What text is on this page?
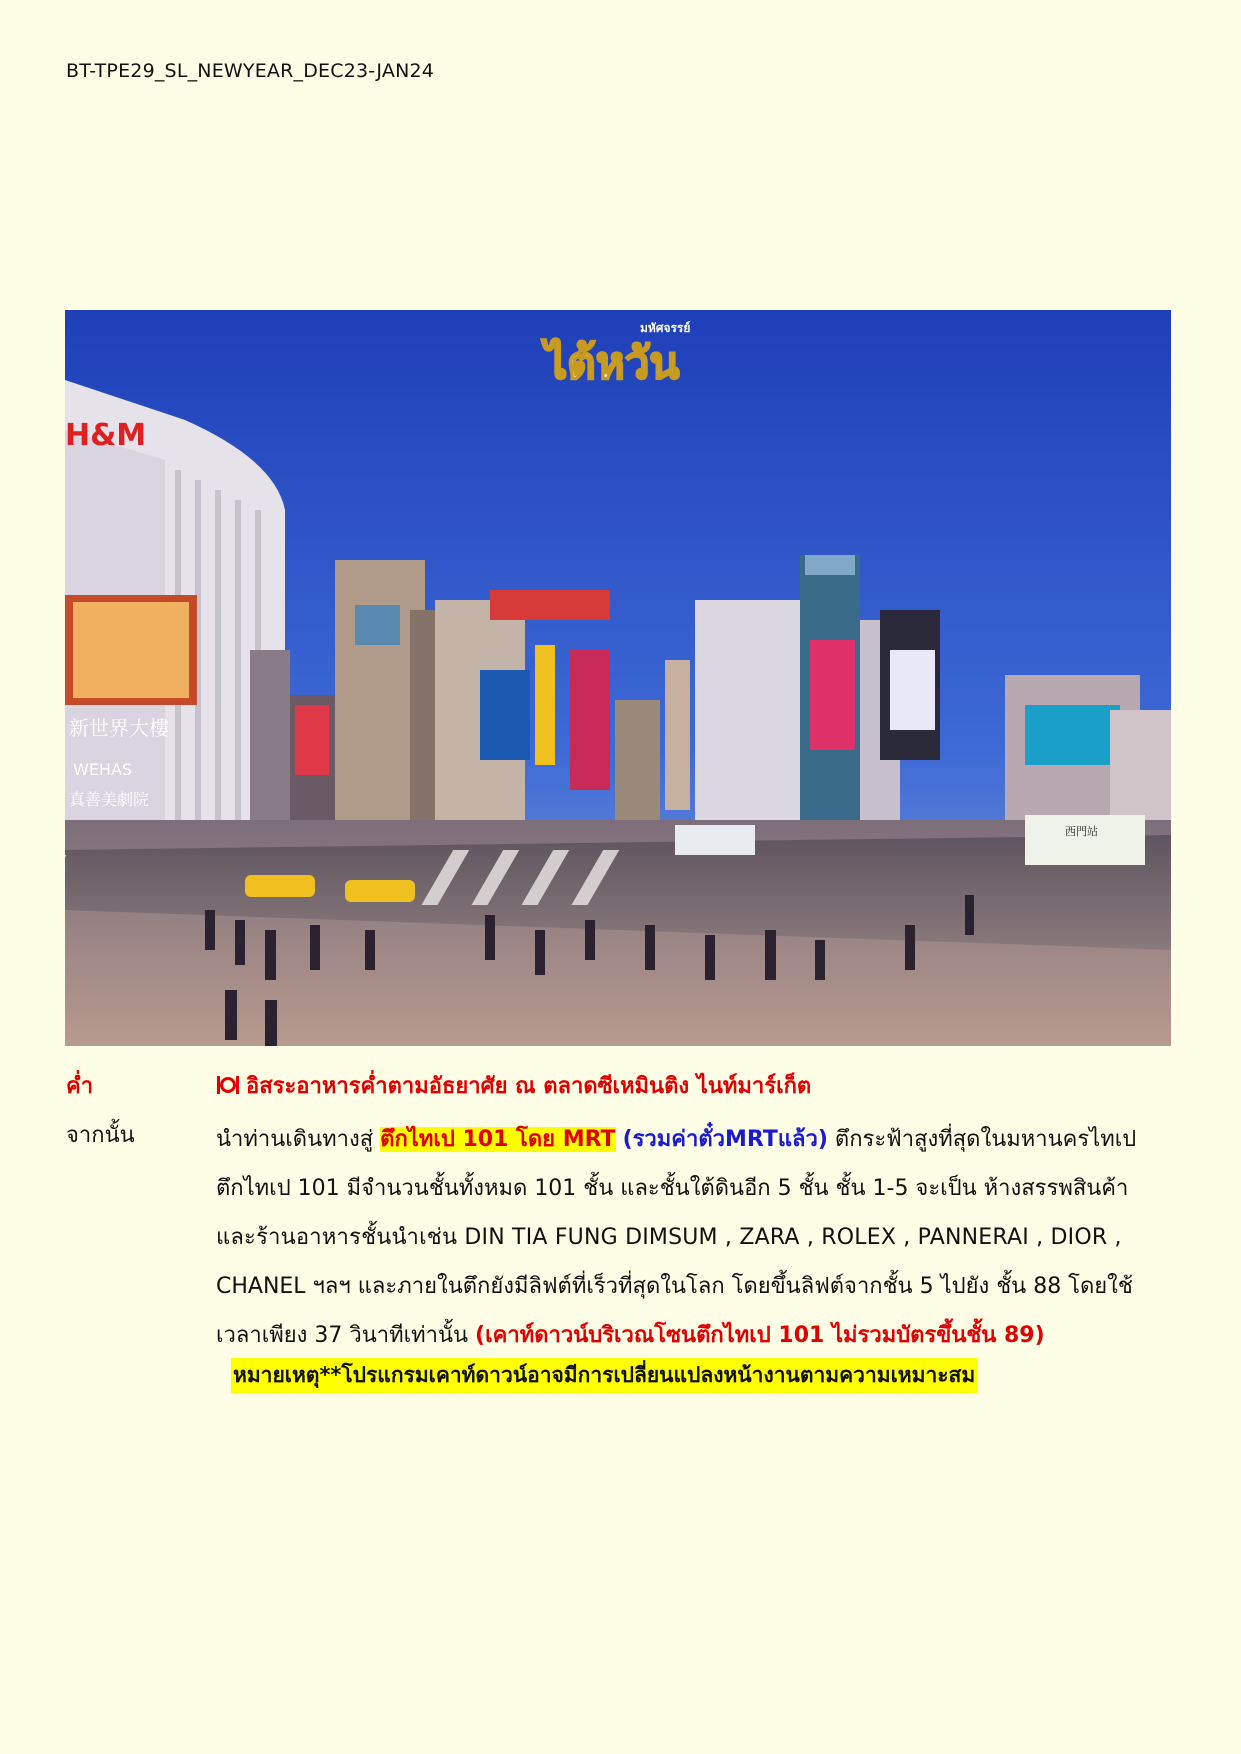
BT-TPE29_SL_NEWYEAR_DEC23-JAN24
H&M
新世界大樓
WEHAS
真善美劇院
西門站
มหัศจรรย์
ไต้หวัน
ค่ำ	อิสระอาหารค่ำตามอัธยาศัย ณ ตลาดซีเหมินติง ไนท์มาร์เก็ต
จากนั้น	นำท่านเดินทางสู่ ตึกไทเป 101 โดย MRT (รวมค่าตั๋วMRTแล้ว) ตึกระฟ้าสูงที่สุดในมหานครไทเป

ตึกไทเป 101 มีจำนวนชั้นทั้งหมด 101 ชั้น และชั้นใต้ดินอีก 5 ชั้น ชั้น 1-5 จะเป็น ห้างสรรพสินค้า

และร้านอาหารชั้นนำเช่น DIN TIA FUNG DIMSUM , ZARA , ROLEX , PANNERAI , DIOR ,

CHANEL ฯลฯ และภายในตึกยังมีลิฟต์ที่เร็วที่สุดในโลก โดยขึ้นลิฟต์จากชั้น 5 ไปยัง ชั้น 88 โดยใช้

เวลาเพียง 37 วินาทีเท่านั้น (เคาท์ดาวน์บริเวณโซนตึกไทเป 101 ไม่รวมบัตรขึ้นชั้น 89)

หมายเหตุ**โปรแกรมเคาท์ดาวน์อาจมีการเปลี่ยนแปลงหน้างานตามความเหมาะสม
